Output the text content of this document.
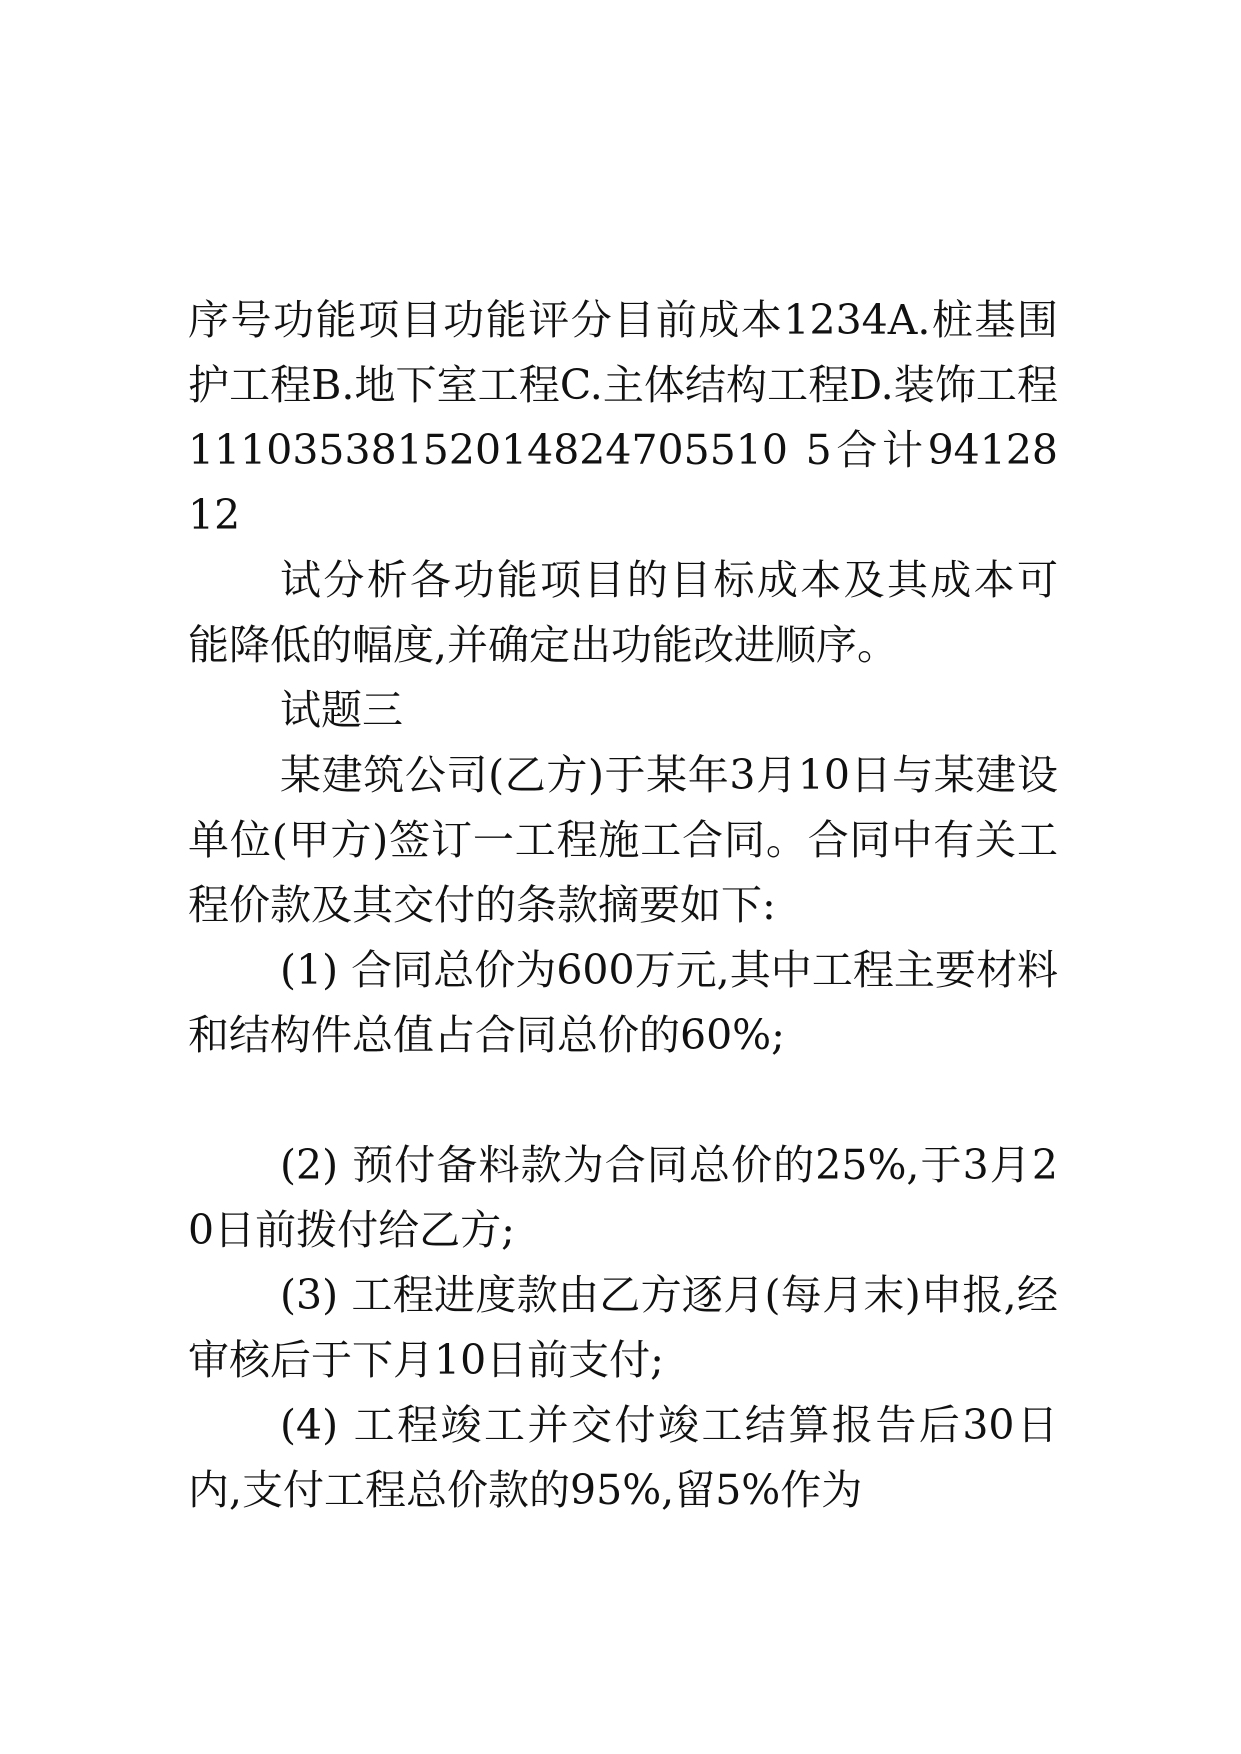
序号功能项目功能评分目前成本1234A.桩基围护工程B.地下室工程C.主体结构工程D.装饰工程11103538152014824705510 5合计9412812

试分析各功能项目的目标成本及其成本可能降低的幅度,并确定出功能改进顺序。

试题三

某建筑公司(乙方)于某年3月10日与某建设单位(甲方)签订一工程施工合同。合同中有关工程价款及其交付的条款摘要如下:

(1) 合同总价为600万元,其中工程主要材料和结构件总值占合同总价的60%;

(2) 预付备料款为合同总价的25%,于3月20日前拨付给乙方;

(3) 工程进度款由乙方逐月(每月末)申报,经审核后于下月10日前支付;

(4) 工程竣工并交付竣工结算报告后30日内,支付工程总价款的95%,留5%作为
